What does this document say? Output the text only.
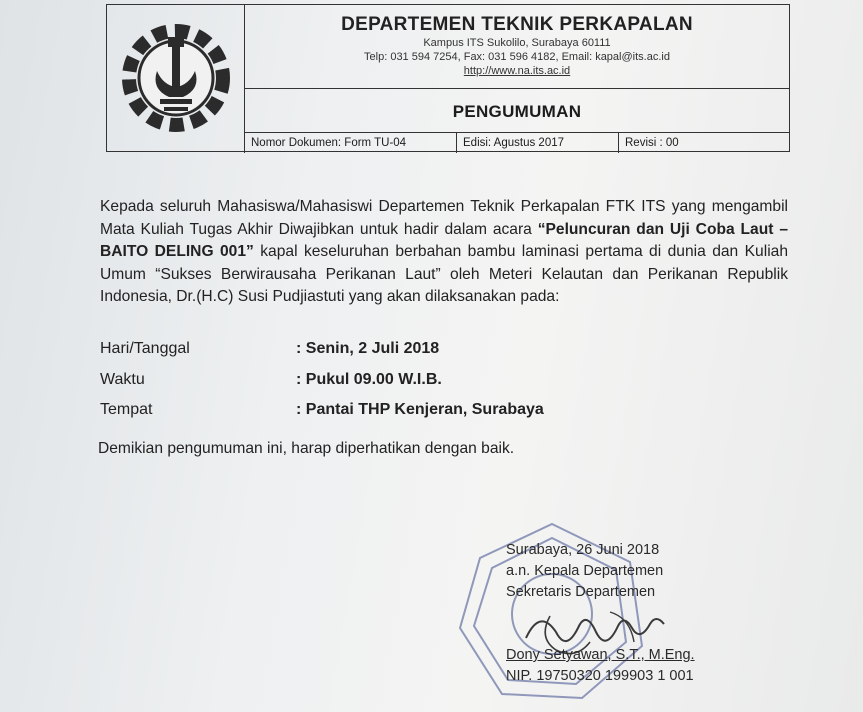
DEPARTEMEN TEKNIK PERKAPALAN
Kampus ITS Sukolilo, Surabaya 60111
Telp: 031 594 7254, Fax: 031 596 4182, Email: kapal@its.ac.id
http://www.na.its.ac.id
PENGUMUMAN
Nomor Dokumen: Form TU-04	Edisi: Agustus 2017	Revisi : 00
Kepada seluruh Mahasiswa/Mahasiswi Departemen Teknik Perkapalan FTK ITS yang mengambil Mata Kuliah Tugas Akhir Diwajibkan untuk hadir dalam acara “Peluncuran dan Uji Coba Laut – BAITO DELING 001” kapal keseluruhan berbahan bambu laminasi pertama di dunia dan Kuliah Umum “Sukses Berwirausaha Perikanan Laut” oleh Meteri Kelautan dan Perikanan Republik Indonesia, Dr.(H.C) Susi Pudjiastuti yang akan dilaksanakan pada:
Hari/Tanggal	: Senin, 2 Juli 2018
Waktu	: Pukul 09.00 W.I.B.
Tempat	: Pantai THP Kenjeran, Surabaya
Demikian pengumuman ini, harap diperhatikan dengan baik.
Surabaya, 26 Juni 2018
a.n. Kepala Departemen
Sekretaris Departemen
Dony Setyawan, S.T., M.Eng.
NIP. 19750320 199903 1 001
